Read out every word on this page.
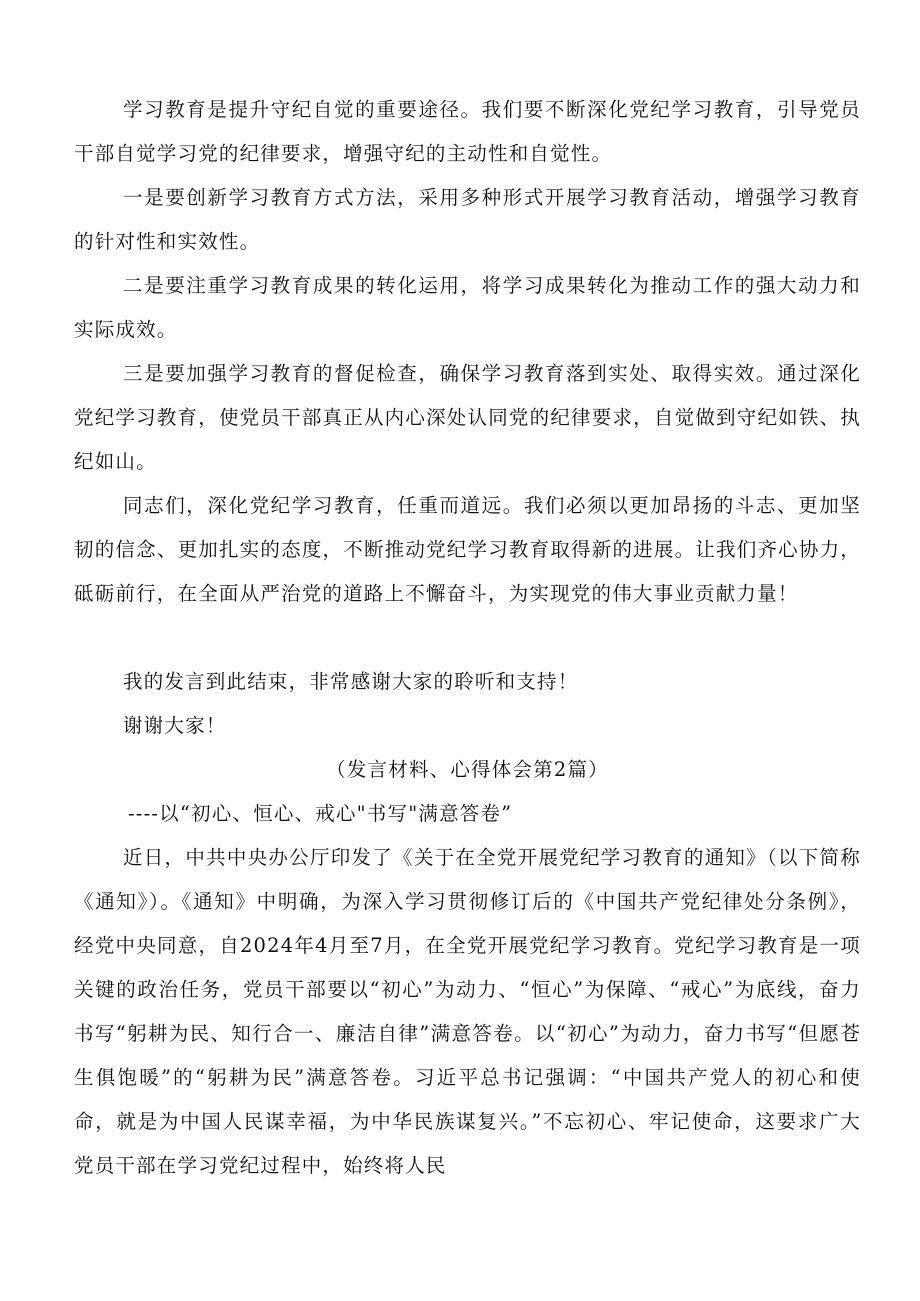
学习教育是提升守纪自觉的重要途径。我们要不断深化党纪学习教育，引导党员干部自觉学习党的纪律要求，增强守纪的主动性和自觉性。

一是要创新学习教育方式方法，采用多种形式开展学习教育活动，增强学习教育的针对性和实效性。

二是要注重学习教育成果的转化运用，将学习成果转化为推动工作的强大动力和实际成效。

三是要加强学习教育的督促检查，确保学习教育落到实处、取得实效。通过深化党纪学习教育，使党员干部真正从内心深处认同党的纪律要求，自觉做到守纪如铁、执纪如山。

同志们，深化党纪学习教育，任重而道远。我们必须以更加昂扬的斗志、更加坚韧的信念、更加扎实的态度，不断推动党纪学习教育取得新的进展。让我们齐心协力，砥砺前行，在全面从严治党的道路上不懈奋斗，为实现党的伟大事业贡献力量！

我的发言到此结束，非常感谢大家的聆听和支持！

谢谢大家！

（发言材料、心得体会第2篇）

----以“初心、恒心、戒心"书写"满意答卷”

近日，中共中央办公厅印发了《关于在全党开展党纪学习教育的通知》（以下简称《通知》）。《通知》中明确，为深入学习贯彻修订后的《中国共产党纪律处分条例》，经党中央同意，自2024年4月至7月，在全党开展党纪学习教育。党纪学习教育是一项关键的政治任务，党员干部要以“初心”为动力、“恒心”为保障、“戒心”为底线，奋力书写“躬耕为民、知行合一、廉洁自律”满意答卷。以“初心”为动力，奋力书写“但愿苍生俱饱暖”的“躬耕为民”满意答卷。习近平总书记强调：“中国共产党人的初心和使命，就是为中国人民谋幸福，为中华民族谋复兴。”不忘初心、牢记使命，这要求广大党员干部在学习党纪过程中，始终将人民
